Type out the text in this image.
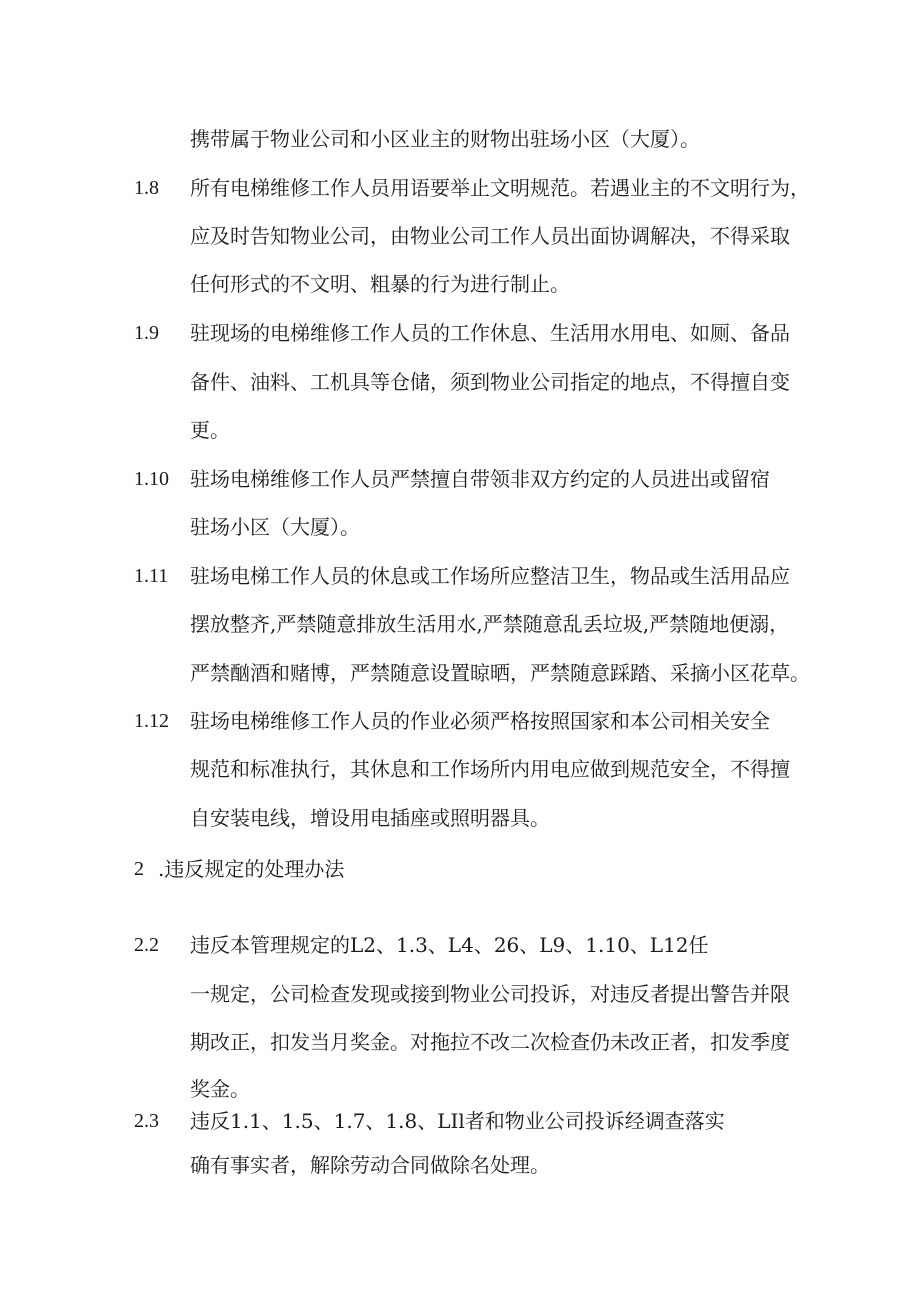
携带属于物业公司和小区业主的财物出驻场小区（大厦）。
1.8 所有电梯维修工作人员用语要举止文明规范。若遇业主的不文明行为，
应及时告知物业公司，由物业公司工作人员出面协调解决，不得采取
任何形式的不文明、粗暴的行为进行制止。
1.9 驻现场的电梯维修工作人员的工作休息、生活用水用电、如厕、备品
备件、油料、工机具等仓储，须到物业公司指定的地点，不得擅自变
更。
1.10 驻场电梯维修工作人员严禁擅自带领非双方约定的人员进出或留宿
驻场小区（大厦）。
1.11 驻场电梯工作人员的休息或工作场所应整洁卫生，物品或生活用品应
摆放整齐,严禁随意排放生活用水,严禁随意乱丢垃圾,严禁随地便溺，
严禁酗酒和赌博，严禁随意设置晾晒，严禁随意踩踏、采摘小区花草。
1.12 驻场电梯维修工作人员的作业必须严格按照国家和本公司相关安全
规范和标准执行，其休息和工作场所内用电应做到规范安全，不得擅
自安装电线，增设用电插座或照明器具。
2 .违反规定的处理办法
2.2 违反本管理规定的L2、1.3、L4、26、L9、1.10、L12任
一规定，公司检查发现或接到物业公司投诉，对违反者提出警告并限
期改正，扣发当月奖金。对拖拉不改二次检查仍未改正者，扣发季度
奖金。
2.3 违反1.1、1.5、1.7、1.8、LIl者和物业公司投诉经调查落实
确有事实者，解除劳动合同做除名处理。
